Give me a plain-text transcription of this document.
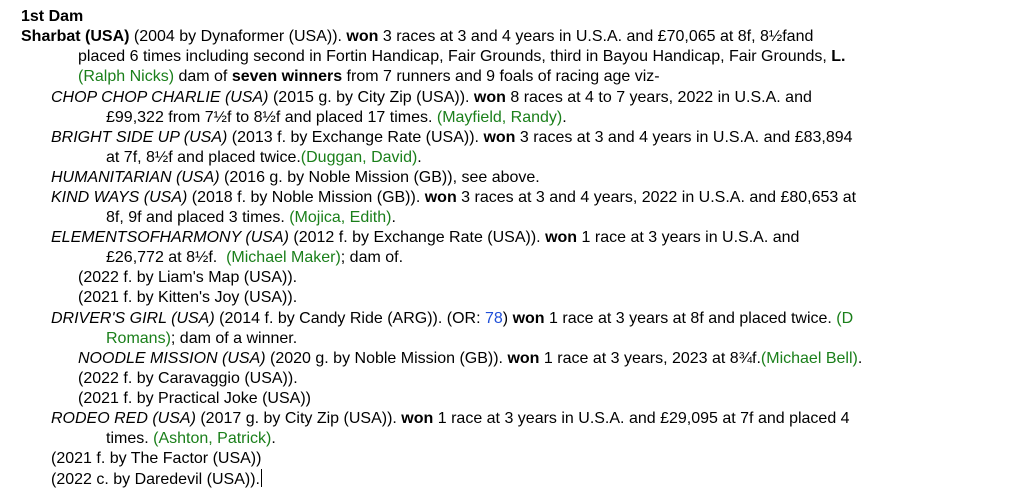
1st Dam
Sharbat (USA) (2004 by Dynaformer (USA)). won 3 races at 3 and 4 years in U.S.A. and £70,065 at 8f, 8½fand
placed 6 times including second in Fortin Handicap, Fair Grounds, third in Bayou Handicap, Fair Grounds, L.
(Ralph Nicks) dam of seven winners from 7 runners and 9 foals of racing age viz-
CHOP CHOP CHARLIE (USA) (2015 g. by City Zip (USA)). won 8 races at 4 to 7 years, 2022 in U.S.A. and
£99,322 from 7½f to 8½f and placed 17 times. (Mayfield, Randy).
BRIGHT SIDE UP (USA) (2013 f. by Exchange Rate (USA)). won 3 races at 3 and 4 years in U.S.A. and £83,894
at 7f, 8½f and placed twice.(Duggan, David).
HUMANITARIAN (USA) (2016 g. by Noble Mission (GB)), see above.
KIND WAYS (USA) (2018 f. by Noble Mission (GB)). won 3 races at 3 and 4 years, 2022 in U.S.A. and £80,653 at
8f, 9f and placed 3 times. (Mojica, Edith).
ELEMENTSOFHARMONY (USA) (2012 f. by Exchange Rate (USA)). won 1 race at 3 years in U.S.A. and
£26,772 at 8½f.  (Michael Maker); dam of.
(2022 f. by Liam's Map (USA)).
(2021 f. by Kitten's Joy (USA)).
DRIVER'S GIRL (USA) (2014 f. by Candy Ride (ARG)). (OR: 78) won 1 race at 3 years at 8f and placed twice. (D
Romans); dam of a winner.
NOODLE MISSION (USA) (2020 g. by Noble Mission (GB)). won 1 race at 3 years, 2023 at 8¾f.(Michael Bell).
(2022 f. by Caravaggio (USA)).
(2021 f. by Practical Joke (USA))
RODEO RED (USA) (2017 g. by City Zip (USA)). won 1 race at 3 years in U.S.A. and £29,095 at 7f and placed 4
times. (Ashton, Patrick).
(2021 f. by The Factor (USA))
(2022 c. by Daredevil (USA)).
